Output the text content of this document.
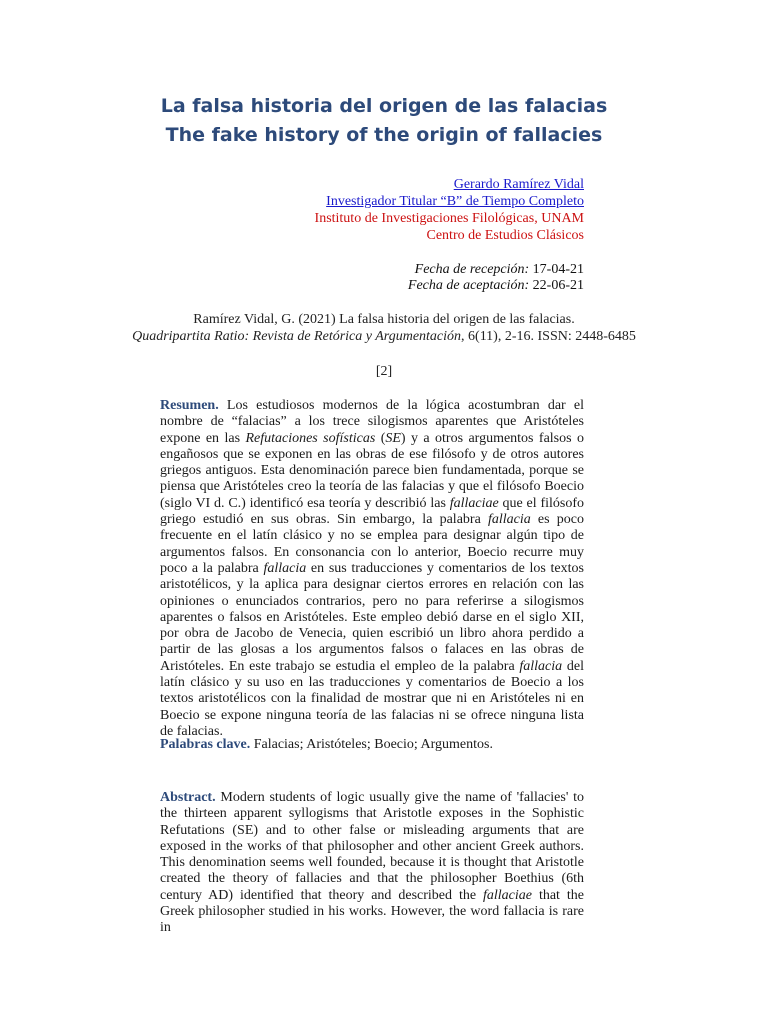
La falsa historia del origen de las falacias
The fake history of the origin of fallacies
Gerardo Ramírez Vidal
Investigador Titular “B” de Tiempo Completo
Instituto de Investigaciones Filológicas, UNAM
Centro de Estudios Clásicos
Fecha de recepción: 17-04-21
Fecha de aceptación: 22-06-21
Ramírez Vidal, G. (2021) La falsa historia del origen de las falacias.
Quadripartita Ratio: Revista de Retórica y Argumentación, 6(11), 2-16. ISSN: 2448-6485
[2]
Resumen. Los estudiosos modernos de la lógica acostumbran dar el nombre de “falacias” a los trece silogismos aparentes que Aristóteles expone en las Refutaciones sofísticas (SE) y a otros argumentos falsos o engañosos que se exponen en las obras de ese filósofo y de otros autores griegos antiguos. Esta denominación parece bien fundamentada, porque se piensa que Aristóteles creo la teoría de las falacias y que el filósofo Boecio (siglo VI d. C.) identificó esa teoría y describió las fallaciae que el filósofo griego estudió en sus obras. Sin embargo, la palabra fallacia es poco frecuente en el latín clásico y no se emplea para designar algún tipo de argumentos falsos. En consonancia con lo anterior, Boecio recurre muy poco a la palabra fallacia en sus traducciones y comentarios de los textos aristotélicos, y la aplica para designar ciertos errores en relación con las opiniones o enunciados contrarios, pero no para referirse a silogismos aparentes o falsos en Aristóteles. Este empleo debió darse en el siglo XII, por obra de Jacobo de Venecia, quien escribió un libro ahora perdido a partir de las glosas a los argumentos falsos o falaces en las obras de Aristóteles. En este trabajo se estudia el empleo de la palabra fallacia del latín clásico y su uso en las traducciones y comentarios de Boecio a los textos aristotélicos con la finalidad de mostrar que ni en Aristóteles ni en Boecio se expone ninguna teoría de las falacias ni se ofrece ninguna lista de falacias.
Palabras clave. Falacias; Aristóteles; Boecio; Argumentos.
Abstract. Modern students of logic usually give the name of 'fallacies' to the thirteen apparent syllogisms that Aristotle exposes in the Sophistic Refutations (SE) and to other false or misleading arguments that are exposed in the works of that philosopher and other ancient Greek authors. This denomination seems well founded, because it is thought that Aristotle created the theory of fallacies and that the philosopher Boethius (6th century AD) identified that theory and described the fallaciae that the Greek philosopher studied in his works. However, the word fallacia is rare in
